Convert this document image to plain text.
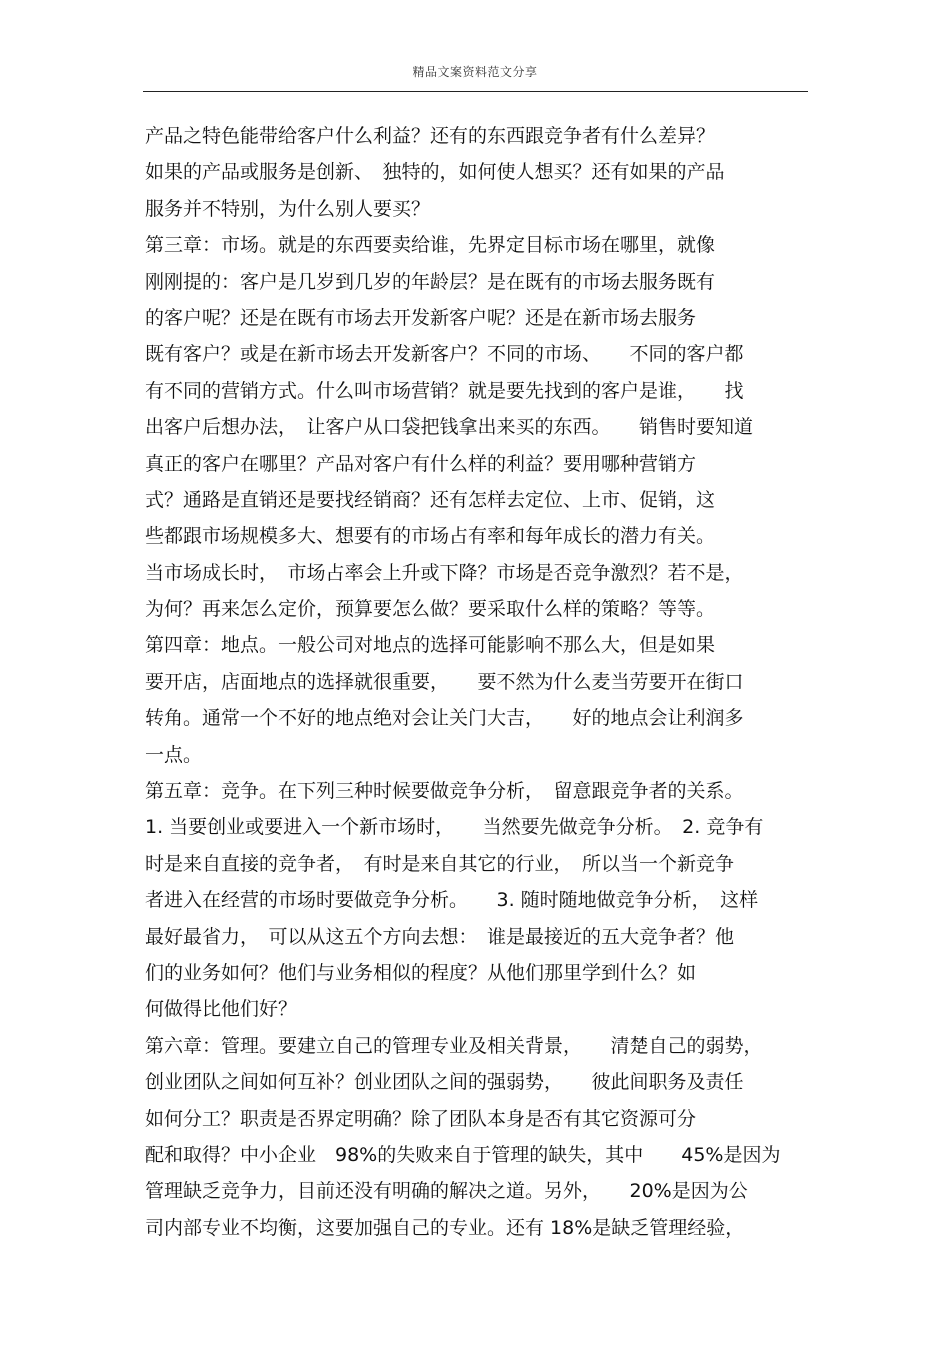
精品文案资料范文分享
产品之特色能带给客户什么利益？还有的东西跟竞争者有什么差异？
如果的产品或服务是创新、　独特的，如何使人想买？还有如果的产品
服务并不特别，为什么别人要买？
第三章：市场。就是的东西要卖给谁，先界定目标市场在哪里，就像
刚刚提的：客户是几岁到几岁的年龄层？是在既有的市场去服务既有
的客户呢？还是在既有市场去开发新客户呢？还是在新市场去服务
既有客户？或是在新市场去开发新客户？不同的市场、　　不同的客户都
有不同的营销方式。什么叫市场营销？就是要先找到的客户是谁，　　找
出客户后想办法，　让客户从口袋把钱拿出来买的东西。　　销售时要知道
真正的客户在哪里？产品对客户有什么样的利益？要用哪种营销方
式？通路是直销还是要找经销商？还有怎样去定位、上市、促销，这
些都跟市场规模多大、想要有的市场占有率和每年成长的潜力有关。
当市场成长时，　市场占率会上升或下降？市场是否竞争激烈？若不是，
为何？再来怎么定价，预算要怎么做？要采取什么样的策略？等等。
第四章：地点。一般公司对地点的选择可能影响不那么大，但是如果
要开店，店面地点的选择就很重要，　　要不然为什么麦当劳要开在街口
转角。通常一个不好的地点绝对会让关门大吉，　　好的地点会让利润多
一点。
第五章：竞争。在下列三种时候要做竞争分析，　留意跟竞争者的关系。
1. 当要创业或要进入一个新市场时，　　当然要先做竞争分析。　2. 竞争有
时是来自直接的竞争者，　有时是来自其它的行业，　所以当一个新竞争
者进入在经营的市场时要做竞争分析。　　3. 随时随地做竞争分析，　这样
最好最省力，　可以从这五个方向去想：　谁是最接近的五大竞争者？他
们的业务如何？他们与业务相似的程度？从他们那里学到什么？如
何做得比他们好？
第六章：管理。要建立自己的管理专业及相关背景，　　清楚自己的弱势，
创业团队之间如何互补？创业团队之间的强弱势，　　彼此间职务及责任
如何分工？职责是否界定明确？除了团队本身是否有其它资源可分
配和取得？中小企业　98%的失败来自于管理的缺失，其中　　45%是因为
管理缺乏竞争力，目前还没有明确的解决之道。另外，　　20%是因为公
司内部专业不均衡，这要加强自己的专业。还有 18%是缺乏管理经验，
